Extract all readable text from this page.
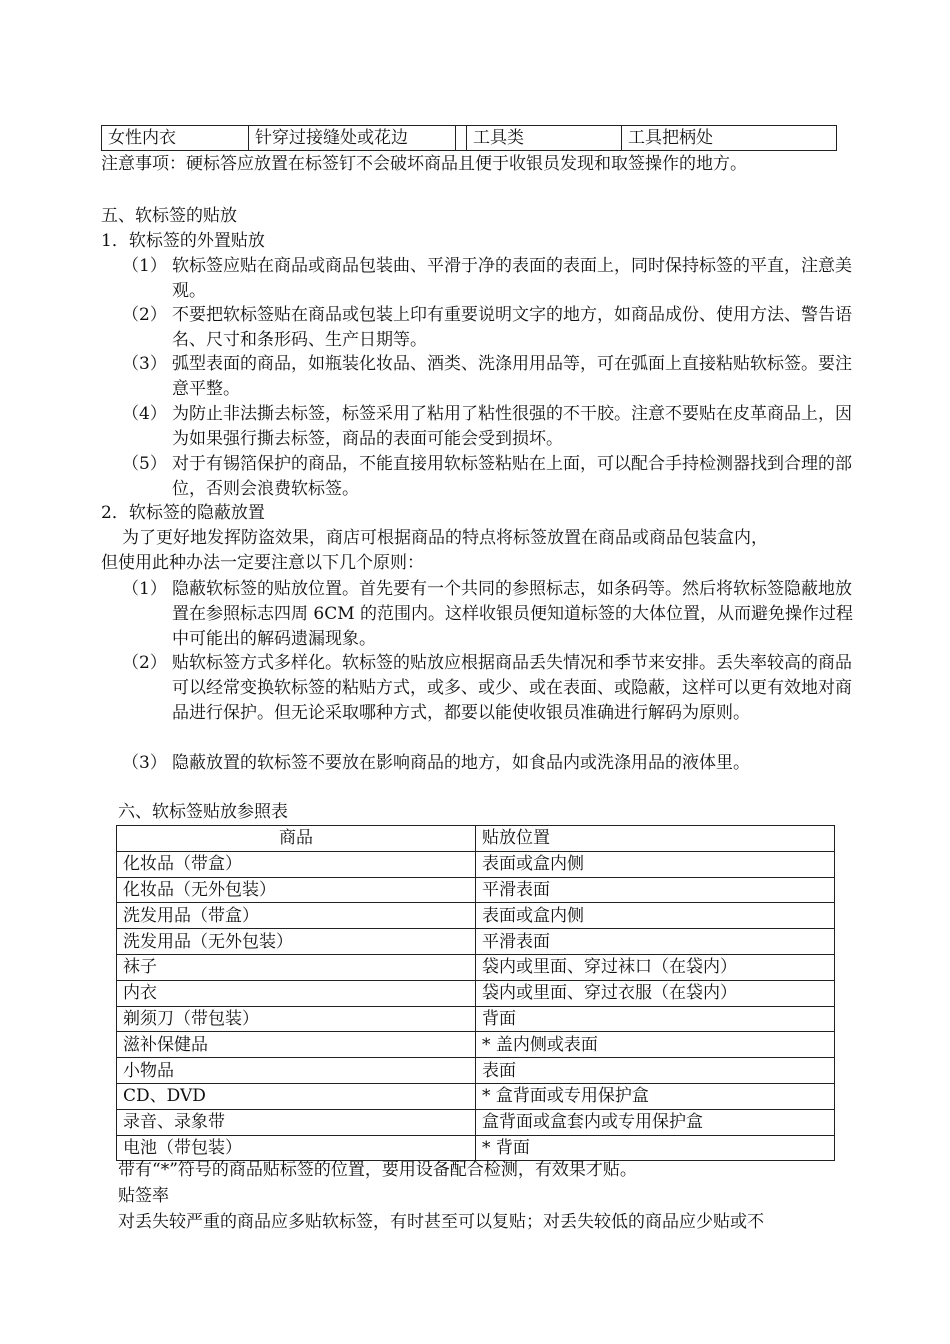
女性内衣	针穿过接缝处或花边		工具类	工具把柄处
注意事项：硬标答应放置在标签钉不会破坏商品且便于收银员发现和取签操作的地方。
五、软标签的贴放
1．软标签的外置贴放
（1） 软标签应贴在商品或商品包装曲、平滑于净的表面的表面上，同时保持标签的平直，注意美观。
（2） 不要把软标签贴在商品或包装上印有重要说明文字的地方，如商品成份、使用方法、警告语名、尺寸和条形码、生产日期等。
（3） 弧型表面的商品，如瓶装化妆品、酒类、洗涤用用品等，可在弧面上直接粘贴软标签。要注意平整。
（4） 为防止非法撕去标签，标签采用了粘用了粘性很强的不干胶。注意不要贴在皮革商品上，因为如果强行撕去标签，商品的表面可能会受到损坏。
（5） 对于有锡箔保护的商品，不能直接用软标签粘贴在上面，可以配合手持检测器找到合理的部位，否则会浪费软标签。
2．软标签的隐蔽放置
为了更好地发挥防盗效果，商店可根据商品的特点将标签放置在商品或商品包装盒内，
但使用此种办法一定要注意以下几个原则：
（1） 隐蔽软标签的贴放位置。首先要有一个共同的参照标志，如条码等。然后将软标签隐蔽地放置在参照标志四周 6CM 的范围内。这样收银员便知道标签的大体位置，从而避免操作过程中可能出的解码遗漏现象。
（2） 贴软标签方式多样化。软标签的贴放应根据商品丢失情况和季节来安排。丢失率较高的商品可以经常变换软标签的粘贴方式，或多、或少、或在表面、或隐蔽，这样可以更有效地对商品进行保护。但无论采取哪种方式，都要以能使收银员准确进行解码为原则。
（3） 隐蔽放置的软标签不要放在影响商品的地方，如食品内或洗涤用品的液体里。
六、软标签贴放参照表
商品	贴放位置
化妆品（带盒）	表面或盒内侧
化妆品（无外包装）	平滑表面
洗发用品（带盒）	表面或盒内侧
洗发用品（无外包装）	平滑表面
袜子	袋内或里面、穿过袜口（在袋内）
内衣	袋内或里面、穿过衣服（在袋内）
剃须刀（带包装）	背面
滋补保健品	* 盖内侧或表面
小物品	表面
CD、DVD	* 盒背面或专用保护盒
录音、录象带	盒背面或盒套内或专用保护盒
电池（带包装）	* 背面
带有“*”符号的商品贴标签的位置，要用设备配合检测，有效果才贴。
贴签率
对丢失较严重的商品应多贴软标签，有时甚至可以复贴；对丢失较低的商品应少贴或不
